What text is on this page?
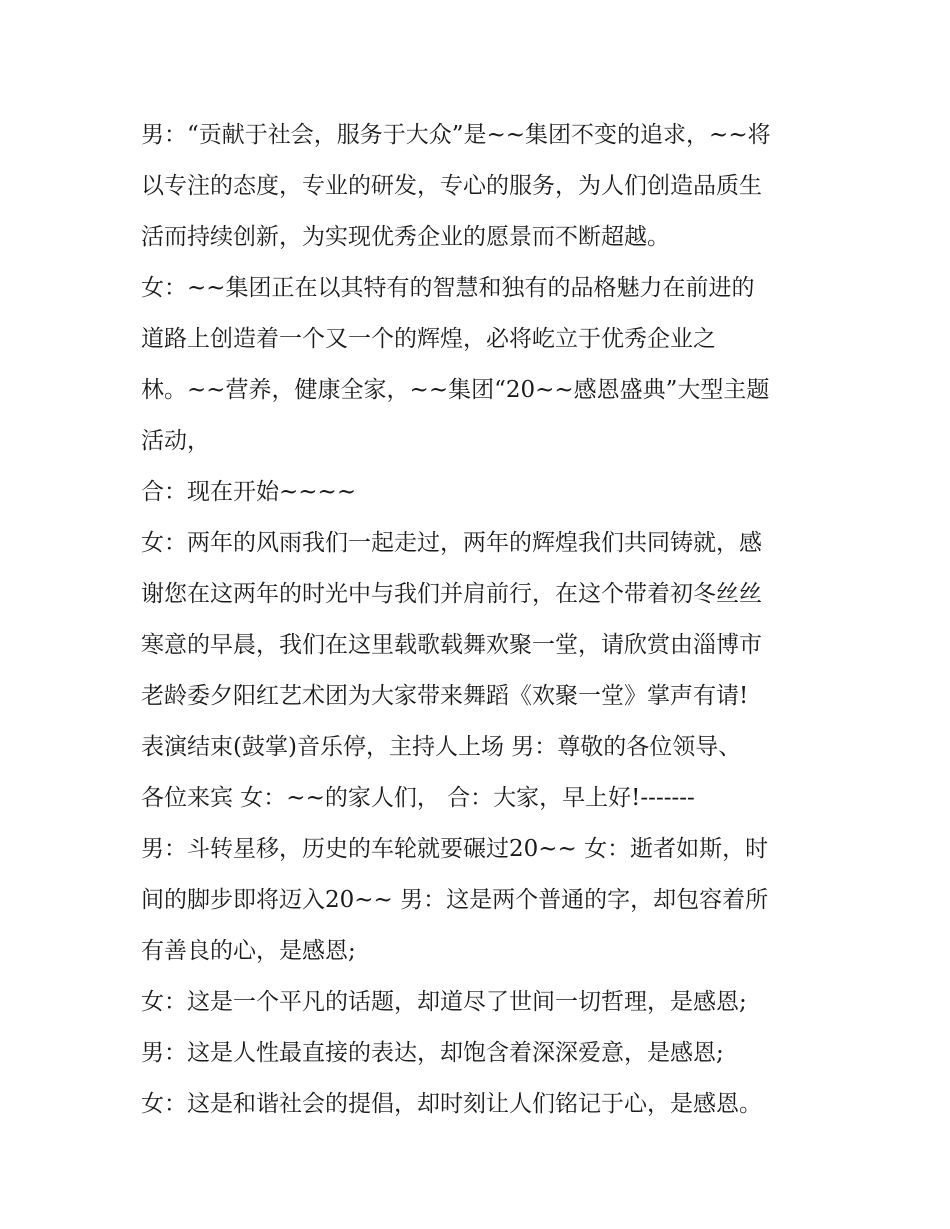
男：“贡献于社会，服务于大众”是~~集团不变的追求，~~将
以专注的态度，专业的研发，专心的服务，为人们创造品质生
活而持续创新，为实现优秀企业的愿景而不断超越。
女：~~集团正在以其特有的智慧和独有的品格魅力在前进的
道路上创造着一个又一个的辉煌，必将屹立于优秀企业之
林。~~营养，健康全家，~~集团“20~~感恩盛典”大型主题
活动，
合：现在开始~~~~
女：两年的风雨我们一起走过，两年的辉煌我们共同铸就，感
谢您在这两年的时光中与我们并肩前行，在这个带着初冬丝丝
寒意的早晨，我们在这里载歌载舞欢聚一堂，请欣赏由淄博市
老龄委夕阳红艺术团为大家带来舞蹈《欢聚一堂》掌声有请!
表演结束(鼓掌)音乐停，主持人上场 男：尊敬的各位领导、
各位来宾 女：~~的家人们， 合：大家，早上好!-------
男：斗转星移，历史的车轮就要碾过20~~ 女：逝者如斯，时
间的脚步即将迈入20~~ 男：这是两个普通的字，却包容着所
有善良的心，是感恩;
女：这是一个平凡的话题，却道尽了世间一切哲理，是感恩;
男：这是人性最直接的表达，却饱含着深深爱意，是感恩;
女：这是和谐社会的提倡，却时刻让人们铭记于心，是感恩。
